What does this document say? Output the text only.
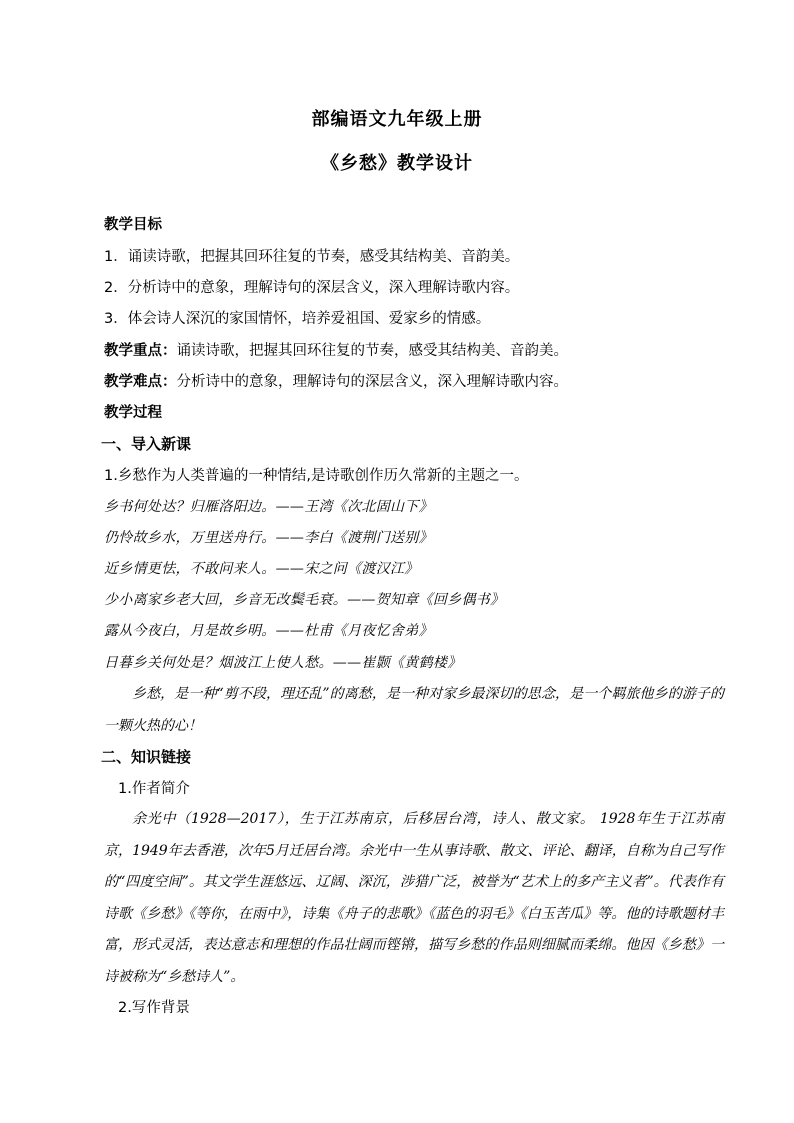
部编语文九年级上册
《乡愁》教学设计
教学目标
1．诵读诗歌，把握其回环往复的节奏，感受其结构美、音韵美。
2．分析诗中的意象，理解诗句的深层含义，深入理解诗歌内容。
3．体会诗人深沉的家国情怀，培养爱祖国、爱家乡的情感。
教学重点：诵读诗歌，把握其回环往复的节奏，感受其结构美、音韵美。
教学难点：分析诗中的意象，理解诗句的深层含义，深入理解诗歌内容。
教学过程
一、导入新课
1.乡愁作为人类普遍的一种情结,是诗歌创作历久常新的主题之一。
乡书何处达？归雁洛阳边。——王湾《次北固山下》
仍怜故乡水，万里送舟行。——李白《渡荆门送别》
近乡情更怯，不敢问来人。——宋之问《渡汉江》
少小离家乡老大回，乡音无改鬓毛衰。——贺知章《回乡偶书》
露从今夜白，月是故乡明。——杜甫《月夜忆舍弟》
日暮乡关何处是？烟波江上使人愁。——崔颢《黄鹤楼》

乡愁，是一种“剪不段，理还乱”的离愁，是一种对家乡最深切的思念，是一个羁旅他乡的游子的一颗火热的心！

二、知识链接
1.作者简介

余光中（1928—2017），生于江苏南京，后移居台湾，诗人、散文家。 1928年生于江苏南京，1949年去香港，次年5月迁居台湾。余光中一生从事诗歌、散文、评论、翻译，自称为自己写作的“四度空间”。其文学生涯悠远、辽阔、深沉，涉猎广泛，被誉为“艺术上的多产主义者”。代表作有诗歌《乡愁》《等你，在雨中》，诗集《舟子的悲歌》《蓝色的羽毛》《白玉苦瓜》等。他的诗歌题材丰富，形式灵活，表达意志和理想的作品壮阔而铿锵，描写乡愁的作品则细腻而柔绵。他因《乡愁》一诗被称为“乡愁诗人”。

2.写作背景
